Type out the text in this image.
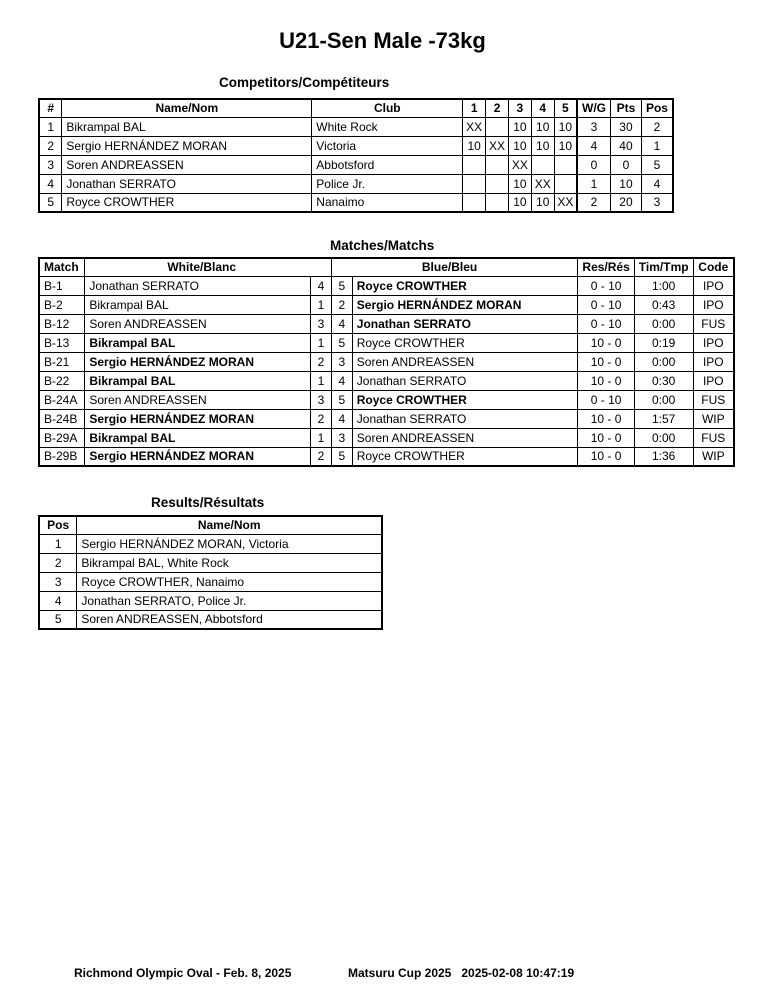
U21-Sen Male -73kg
Competitors/Compétiteurs
#	Name/Nom	Club	1	2	3	4	5	W/G	Pts	Pos
1	Bikrampal BAL	White Rock	XX		10	10	10	3	30	2
2	Sergio HERNÁNDEZ MORAN	Victoria	10	XX	10	10	10	4	40	1
3	Soren ANDREASSEN	Abbotsford			XX			0	0	5
4	Jonathan SERRATO	Police Jr.			10	XX		1	10	4
5	Royce CROWTHER	Nanaimo			10	10	XX	2	20	3
Matches/Matchs
Match	White/Blanc		Blue/Bleu		Res/Rés	Tim/Tmp	Code
B-1	Jonathan SERRATO	4	5	Royce CROWTHER	0 - 10	1:00	IPO
B-2	Bikrampal BAL	1	2	Sergio HERNÁNDEZ MORAN	0 - 10	0:43	IPO
B-12	Soren ANDREASSEN	3	4	Jonathan SERRATO	0 - 10	0:00	FUS
B-13	Bikrampal BAL	1	5	Royce CROWTHER	10 - 0	0:19	IPO
B-21	Sergio HERNÁNDEZ MORAN	2	3	Soren ANDREASSEN	10 - 0	0:00	IPO
B-22	Bikrampal BAL	1	4	Jonathan SERRATO	10 - 0	0:30	IPO
B-24A	Soren ANDREASSEN	3	5	Royce CROWTHER	0 - 10	0:00	FUS
B-24B	Sergio HERNÁNDEZ MORAN	2	4	Jonathan SERRATO	10 - 0	1:57	WIP
B-29A	Bikrampal BAL	1	3	Soren ANDREASSEN	10 - 0	0:00	FUS
B-29B	Sergio HERNÁNDEZ MORAN	2	5	Royce CROWTHER	10 - 0	1:36	WIP
Results/Résultats
Pos	Name/Nom
1	Sergio HERNÁNDEZ MORAN, Victoria
2	Bikrampal BAL, White Rock
3	Royce CROWTHER, Nanaimo
4	Jonathan SERRATO, Police Jr.
5	Soren ANDREASSEN, Abbotsford
Richmond Olympic Oval - Feb. 8, 2025	Matsuru Cup 2025   2025-02-08 10:47:19
